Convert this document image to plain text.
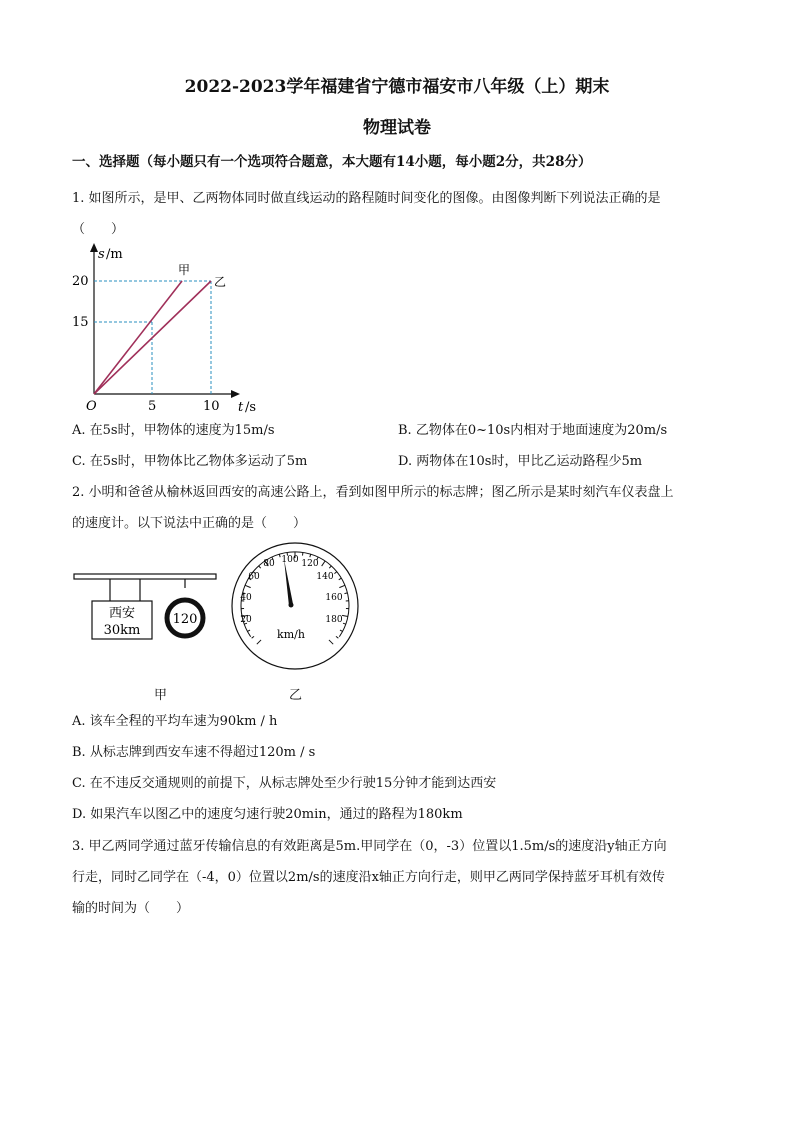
2022-2023学年福建省宁德市福安市八年级（上）期末
物理试卷
一、选择题（每小题只有一个选项符合题意，本大题有14小题，每小题2分，共28分）
1. 如图所示，是甲、乙两物体同时做直线运动的路程随时间变化的图像。由图像判断下列说法正确的是
（　　）
s /m
20
15
O	5	10 t /s
甲
乙
A. 在5s时，甲物体的速度为15m/s	B. 乙物体在0~10s内相对于地面速度为20m/s
C. 在5s时，甲物体比乙物体多运动了5m	D. 两物体在10s时，甲比乙运动路程少5m
2. 小明和爸爸从榆林返回西安的高速公路上，看到如图甲所示的标志牌；图乙所示是某时刻汽车仪表盘上
的速度计。以下说法中正确的是（　　）
西安
30km
120	20
40
60
80 100 120
140
160
180
km/h
甲	乙
A. 该车全程的平均车速为90km / h
B. 从标志牌到西安车速不得超过120m / s
C. 在不违反交通规则的前提下，从标志牌处至少行驶15分钟才能到达西安
D. 如果汽车以图乙中的速度匀速行驶20min，通过的路程为180km
3. 甲乙两同学通过蓝牙传输信息的有效距离是5m.甲同学在（0，-3）位置以1.5m/s的速度沿y轴正方向
行走，同时乙同学在（-4，0）位置以2m/s的速度沿x轴正方向行走，则甲乙两同学保持蓝牙耳机有效传
输的时间为（　　）
